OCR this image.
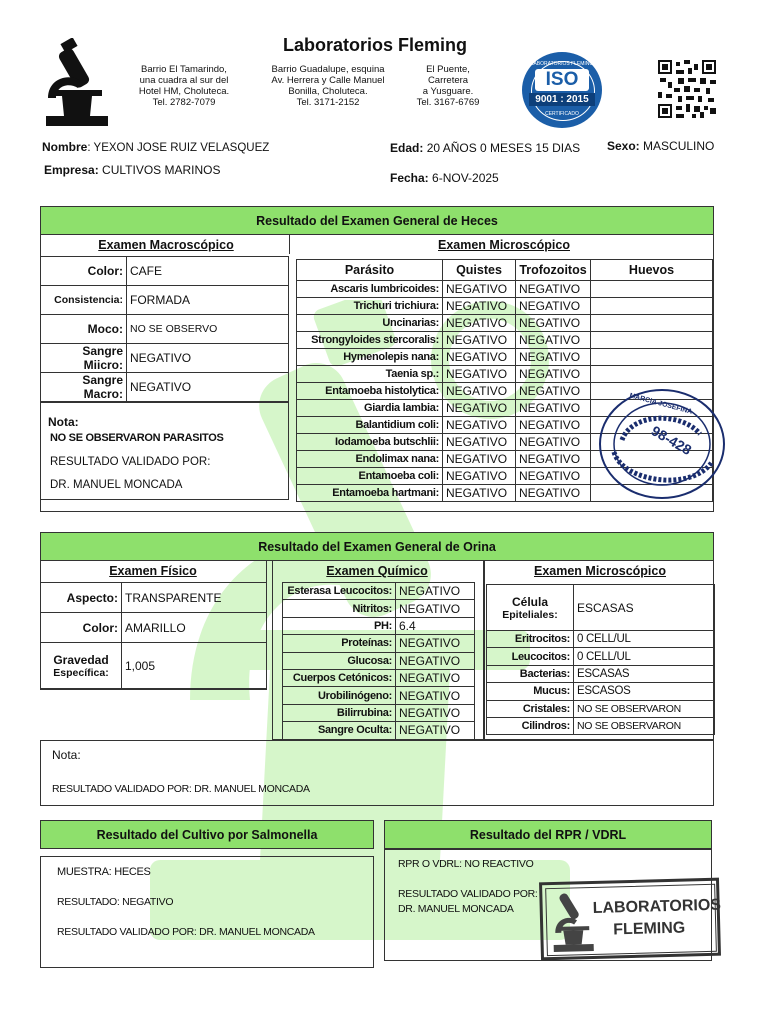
Laboratorios Fleming
Barrio El Tamarindo,
una cuadra al sur del
Hotel HM, Choluteca.
Tel. 2782-7079
Barrio Guadalupe, esquina
Av. Herrera y Calle Manuel
Bonilla, Choluteca.
Tel. 3171-2152
El Puente,
Carretera
a Yusguare.
Tel. 3167-6769
LABORATORIOS FLEMING
ISO
9001 : 2015
CERTIFICADO
Nombre: YEXON JOSE RUIZ VELASQUEZ	Edad: 20 AÑOS 0 MESES 15 DIAS Sexo: MASCULINO
Empresa: CULTIVOS MARINOS
Fecha: 6-NOV-2025
Resultado del Examen General de Heces
Examen Macroscópico	Examen Microscópico
Color:	CAFE
Consistencia:	FORMADA
Moco:	NO SE OBSERVO
Sangre Miicro:	NEGATIVO
Sangre Macro:	NEGATIVO
Nota:
NO SE OBSERVARON PARASITOS
RESULTADO VALIDADO POR:
DR. MANUEL MONCADA
Parásito	Quistes	Trofozoitos	Huevos
Ascaris lumbricoides:	NEGATIVO	NEGATIVO	
Trichuri trichiura:	NEGATIVO	NEGATIVO	
Uncinarias:	NEGATIVO	NEGATIVO	
Strongyloides stercoralis:	NEGATIVO	NEGATIVO	
Hymenolepis nana:	NEGATIVO	NEGATIVO	
Taenia sp.:	NEGATIVO	NEGATIVO	
Entamoeba histolytica:	NEGATIVO	NEGATIVO	
Giardia lambia:	NEGATIVO	NEGATIVO	
Balantidium coli:	NEGATIVO	NEGATIVO	
Iodamoeba butschlii:	NEGATIVO	NEGATIVO	
Endolimax nana:	NEGATIVO	NEGATIVO	
Entamoeba coli:	NEGATIVO	NEGATIVO	
Entamoeba hartmani:	NEGATIVO	NEGATIVO	
98-428
MARCIA JOSEFINA
Resultado del Examen General de Orina
Examen Físico	Examen Químico	Examen Microscópico
Aspecto:	TRANSPARENTE
Color:	AMARILLO

Gravedad
Específica:	1,005
Esterasa Leucocitos:	NEGATIVO
Nitritos:	NEGATIVO
PH:	6.4
Proteínas:	NEGATIVO
Glucosa:	NEGATIVO
Cuerpos Cetónicos:	NEGATIVO
Urobilinógeno:	NEGATIVO
Bilirrubina:	NEGATIVO
Sangre Oculta:	NEGATIVO
Célula
Epiteliales:	ESCASAS
Eritrocitos:	0 CELL/UL
Leucocitos:	0 CELL/UL
Bacterias:	ESCASAS
Mucus:	ESCASOS
Cristales:	NO SE OBSERVARON
Cilindros:	NO SE OBSERVARON
Nota:
RESULTADO VALIDADO POR: DR. MANUEL MONCADA
Resultado del Cultivo por Salmonella
MUESTRA: HECES
RESULTADO: NEGATIVO
RESULTADO VALIDADO POR: DR. MANUEL MONCADA
Resultado del RPR / VDRL
RPR O VDRL: NO REACTIVO
RESULTADO VALIDADO POR:
DR. MANUEL MONCADA	LABORATORIOS
FLEMING
